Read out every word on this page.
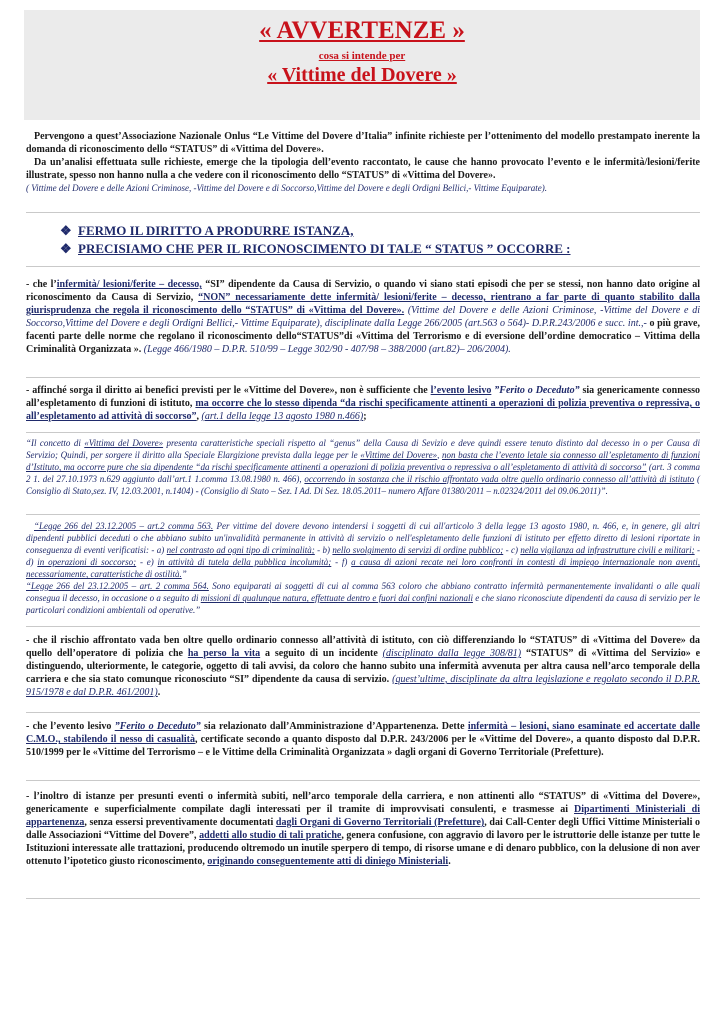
« AVVERTENZE »
cosa si intende per
« Vittime del Dovere »

Pervengono a quest’Associazione Nazionale Onlus “Le Vittime del Dovere d’Italia” infinite richieste per l’ottenimento del modello prestampato inerente la domanda di riconoscimento dello “STATUS” di «Vittima del Dovere».

Da un’analisi effettuata sulle richieste, emerge che la tipologia dell’evento raccontato, le cause che hanno provocato l’evento e le infermità/lesioni/ferite illustrate, spesso non hanno nulla a che vedere con il riconoscimento dello “STATUS” di «Vittima del Dovere».

( Vittime del Dovere e delle Azioni Criminose, -Vittime del Dovere e di Soccorso,Vittime del Dovere e degli Ordigni Bellici,- Vittime Equiparate).

❖ FERMO IL DIRITTO A PRODURRE ISTANZA,
❖ PRECISIAMO CHE PER IL RICONOSCIMENTO DI TALE “ STATUS ” OCCORRE :
- che l’infermità/ lesioni/ferite – decesso, “SI” dipendente da Causa di Servizio, o quando vi siano stati episodi che per se stessi, non hanno dato origine al riconoscimento da Causa di Servizio, “NON” necessariamente dette infermità/ lesioni/ferite – decesso, rientrano a far parte di quanto stabilito dalla giurisprudenza che regola il riconoscimento dello “STATUS” di «Vittima del Dovere». (Vittime del Dovere e delle Azioni Criminose, -Vittime del Dovere e di Soccorso,Vittime del Dovere e degli Ordigni Bellici,- Vittime Equiparate), disciplinate dalla Legge 266/2005 (art.563 o 564)- D.P.R.243/2006 e succ. int.,- o più grave, facenti parte delle norme che regolano il riconoscimento dello“STATUS”di «Vittima del Terrorismo e di eversione dell’ordine democratico – Vittima della Criminalità Organizzata ». (Legge 466/1980 – D.P.R. 510/99 – Legge 302/90 - 407/98 – 388/2000 (art.82)– 206/2004).
- affinché sorga il diritto ai benefici previsti per le «Vittime del Dovere», non è sufficiente che l’evento lesivo ”Ferito o Deceduto” sia genericamente connesso all’espletamento di funzioni di istituto, ma occorre che lo stesso dipenda “da rischi specificamente attinenti a operazioni di polizia preventiva o repressiva, o all’espletamento ad attività di soccorso”, (art.1 della legge 13 agosto 1980 n.466);
“Il concetto di «Vittima del Dovere» presenta caratteristiche speciali rispetto al “genus” della Causa di Sevizio e deve quindi essere tenuto distinto dal decesso in o per Causa di Servizio; Quindi, per sorgere il diritto alla Speciale Elargizione prevista dalla legge per le «Vittime del Dovere», non basta che l’evento letale sia connesso all’espletamento di funzioni d’Istituto, ma occorre pure che sia dipendente “da rischi specificamente attinenti a operazioni di polizia preventiva o repressiva o all’espletamento di attività di soccorso” (art. 3 comma 2 1. del 27.10.1973 n.629 aggiunto dall’art.1 1.comma 13.08.1980 n. 466), occorrendo in sostanza che il rischio affrontato vada oltre quello ordinario connesso all’attività di istituto ( Consiglio di Stato,sez. IV, 12.03.2001, n.1404) - (Consiglio di Stato – Sez. I Ad. Di Sez. 18.05.2011– numero Affare 01380/2011 – n.02324/2011 del 09.06.2011)”.
“Legge 266 del 23.12.2005 – art.2 comma 563. Per vittime del dovere devono intendersi i soggetti di cui all'articolo 3 della legge 13 agosto 1980, n. 466, e, in genere, gli altri dipendenti pubblici deceduti o che abbiano subito un'invalidità permanente in attività di servizio o nell'espletamento delle funzioni di istituto per effetto diretto di lesioni riportate in conseguenza di eventi verificatisi: - a) nel contrasto ad ogni tipo di criminalità; - b) nello svolgimento di servizi di ordine pubblico; - c) nella vigilanza ad infrastrutture civili e militari; - d) in operazioni di soccorso; - e) in attività di tutela della pubblica incolumità; - f) a causa di azioni recate nei loro confronti in contesti di impiego internazionale non aventi, necessariamente, caratteristiche di ostilità.”
“Legge 266 del 23.12.2005 – art. 2 comma 564. Sono equiparati ai soggetti di cui al comma 563 coloro che abbiano contratto infermità permanentemente invalidanti o alle quali consegua il decesso, in occasione o a seguito di missioni di qualunque natura, effettuate dentro e fuori dai confini nazionali e che siano riconosciute dipendenti da causa di servizio per le particolari condizioni ambientali od operative.”
- che il rischio affrontato vada ben oltre quello ordinario connesso all’attività di istituto, con ciò differenziando lo “STATUS” di «Vittima del Dovere» da quello dell’operatore di polizia che ha perso la vita a seguito di un incidente (disciplinato dalla legge 308/81) “STATUS” di «Vittima del Servizio» e distinguendo, ulteriormente, le categorie, oggetto di tali avvisi, da coloro che hanno subito una infermità avvenuta per altra causa nell’arco temporale della carriera e che sia stato comunque riconosciuto “SI” dipendente da causa di servizio. (quest’ultime, disciplinate da altra legislazione e regolato secondo il D.P.R. 915/1978 e dal D.P.R. 461/2001).
- che l’evento lesivo ”Ferito o Deceduto” sia relazionato dall’Amministrazione d’Appartenenza. Dette infermità – lesioni, siano esaminate ed accertate dalle C.M.O., stabilendo il nesso di casualità, certificate secondo a quanto disposto dal D.P.R. 243/2006 per le «Vittime del Dovere», a quanto disposto dal D.P.R. 510/1999 per le «Vittime del Terrorismo – e le Vittime della Criminalità Organizzata » dagli organi di Governo Territoriale (Prefetture).
- l’inoltro di istanze per presunti eventi o infermità subiti, nell’arco temporale della carriera, e non attinenti allo “STATUS” di «Vittima del Dovere», genericamente e superficialmente compilate dagli interessati per il tramite di improvvisati consulenti, e trasmesse ai Dipartimenti Ministeriali di appartenenza, senza essersi preventivamente documentati dagli Organi di Governo Territoriali (Prefetture), dai Call-Center degli Uffici Vittime Ministeriali o dalle Associazioni “Vittime del Dovere”, addetti allo studio di tali pratiche, genera confusione, con aggravio di lavoro per le istruttorie delle istanze per tutte le Istituzioni interessate alle trattazioni, producendo oltremodo un inutile sperpero di tempo, di risorse umane e di denaro pubblico, con la delusione di non aver ottenuto l’ipotetico giusto riconoscimento, originando conseguentemente atti di diniego Ministeriali.
